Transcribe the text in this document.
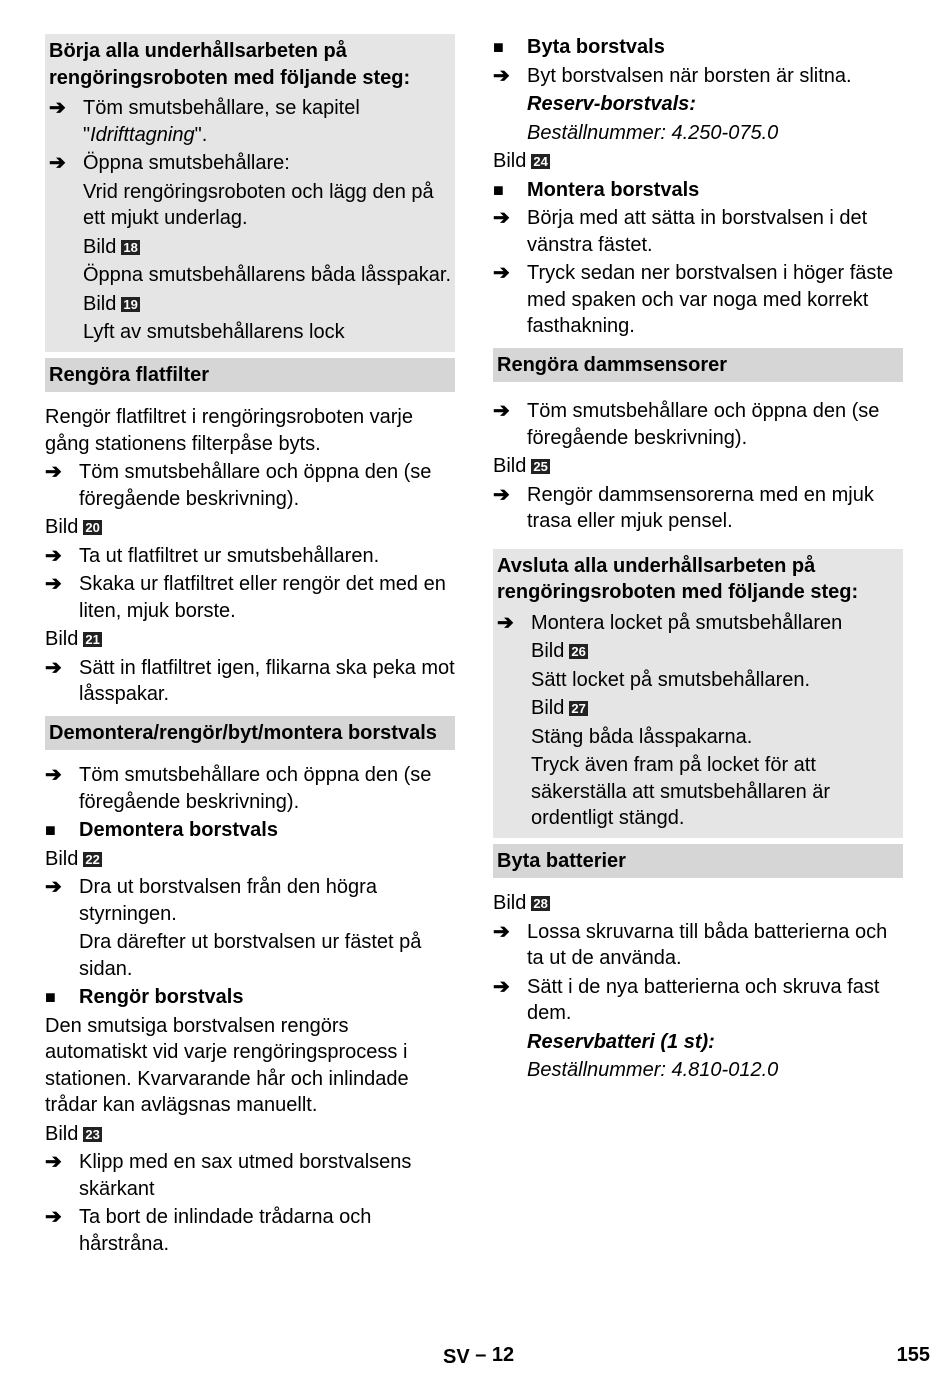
Börja alla underhållsarbeten på rengöringsroboten med följande steg:
➔ Töm smutsbehållare, se kapitel "Idrifttagning".
➔ Öppna smutsbehållare:
Vrid rengöringsroboten och lägg den på ett mjukt underlag.
Bild 18
Öppna smutsbehållarens båda låsspakar.
Bild 19
Lyft av smutsbehållarens lock
Rengöra flatfilter
Rengör flatfiltret i rengöringsroboten varje gång stationens filterpåse byts.
➔ Töm smutsbehållare och öppna den (se föregående beskrivning).
Bild 20
➔ Ta ut flatfiltret ur smutsbehållaren.
➔ Skaka ur flatfiltret eller rengör det med en liten, mjuk borste.
Bild 21
➔ Sätt in flatfiltret igen, flikarna ska peka mot låsspakar.
Demontera/rengör/byt/montera borstvals
➔ Töm smutsbehållare och öppna den (se föregående beskrivning).
■	Demontera borstvals
Bild 22
➔ Dra ut borstvalsen från den högra styrningen.
Dra därefter ut borstvalsen ur fästet på sidan.
■	Rengör borstvals
Den smutsiga borstvalsen rengörs automatiskt vid varje rengöringsprocess i stationen. Kvarvarande hår och inlindade trådar kan avlägsnas manuellt.
Bild 23
➔ Klipp med en sax utmed borstvalsens skärkant
➔ Ta bort de inlindade trådarna och hårstråna.
■	Byta borstvals
➔ Byt borstvalsen när borsten är slitna.
Reserv-borstvals:
Beställnummer: 4.250-075.0
Bild 24
■	Montera borstvals
➔ Börja med att sätta in borstvalsen i det vänstra fästet.
➔ Tryck sedan ner borstvalsen i höger fäste med spaken och var noga med korrekt fasthakning.
Rengöra dammsensorer
➔ Töm smutsbehållare och öppna den (se föregående beskrivning).
Bild 25
➔ Rengör dammsensorerna med en mjuk trasa eller mjuk pensel.
Avsluta alla underhållsarbeten på rengöringsroboten med följande steg:
➔ Montera locket på smutsbehållaren
Bild 26
Sätt locket på smutsbehållaren.
Bild 27
Stäng båda låsspakarna.
Tryck även fram på locket för att säkerställa att smutsbehållaren är ordentligt stängd.
Byta batterier
Bild 28
➔ Lossa skruvarna till båda batterierna och ta ut de använda.
➔ Sätt i de nya batterierna och skruva fast dem.
Reservbatteri (1 st):
Beställnummer: 4.810-012.0
SV – 12	155
